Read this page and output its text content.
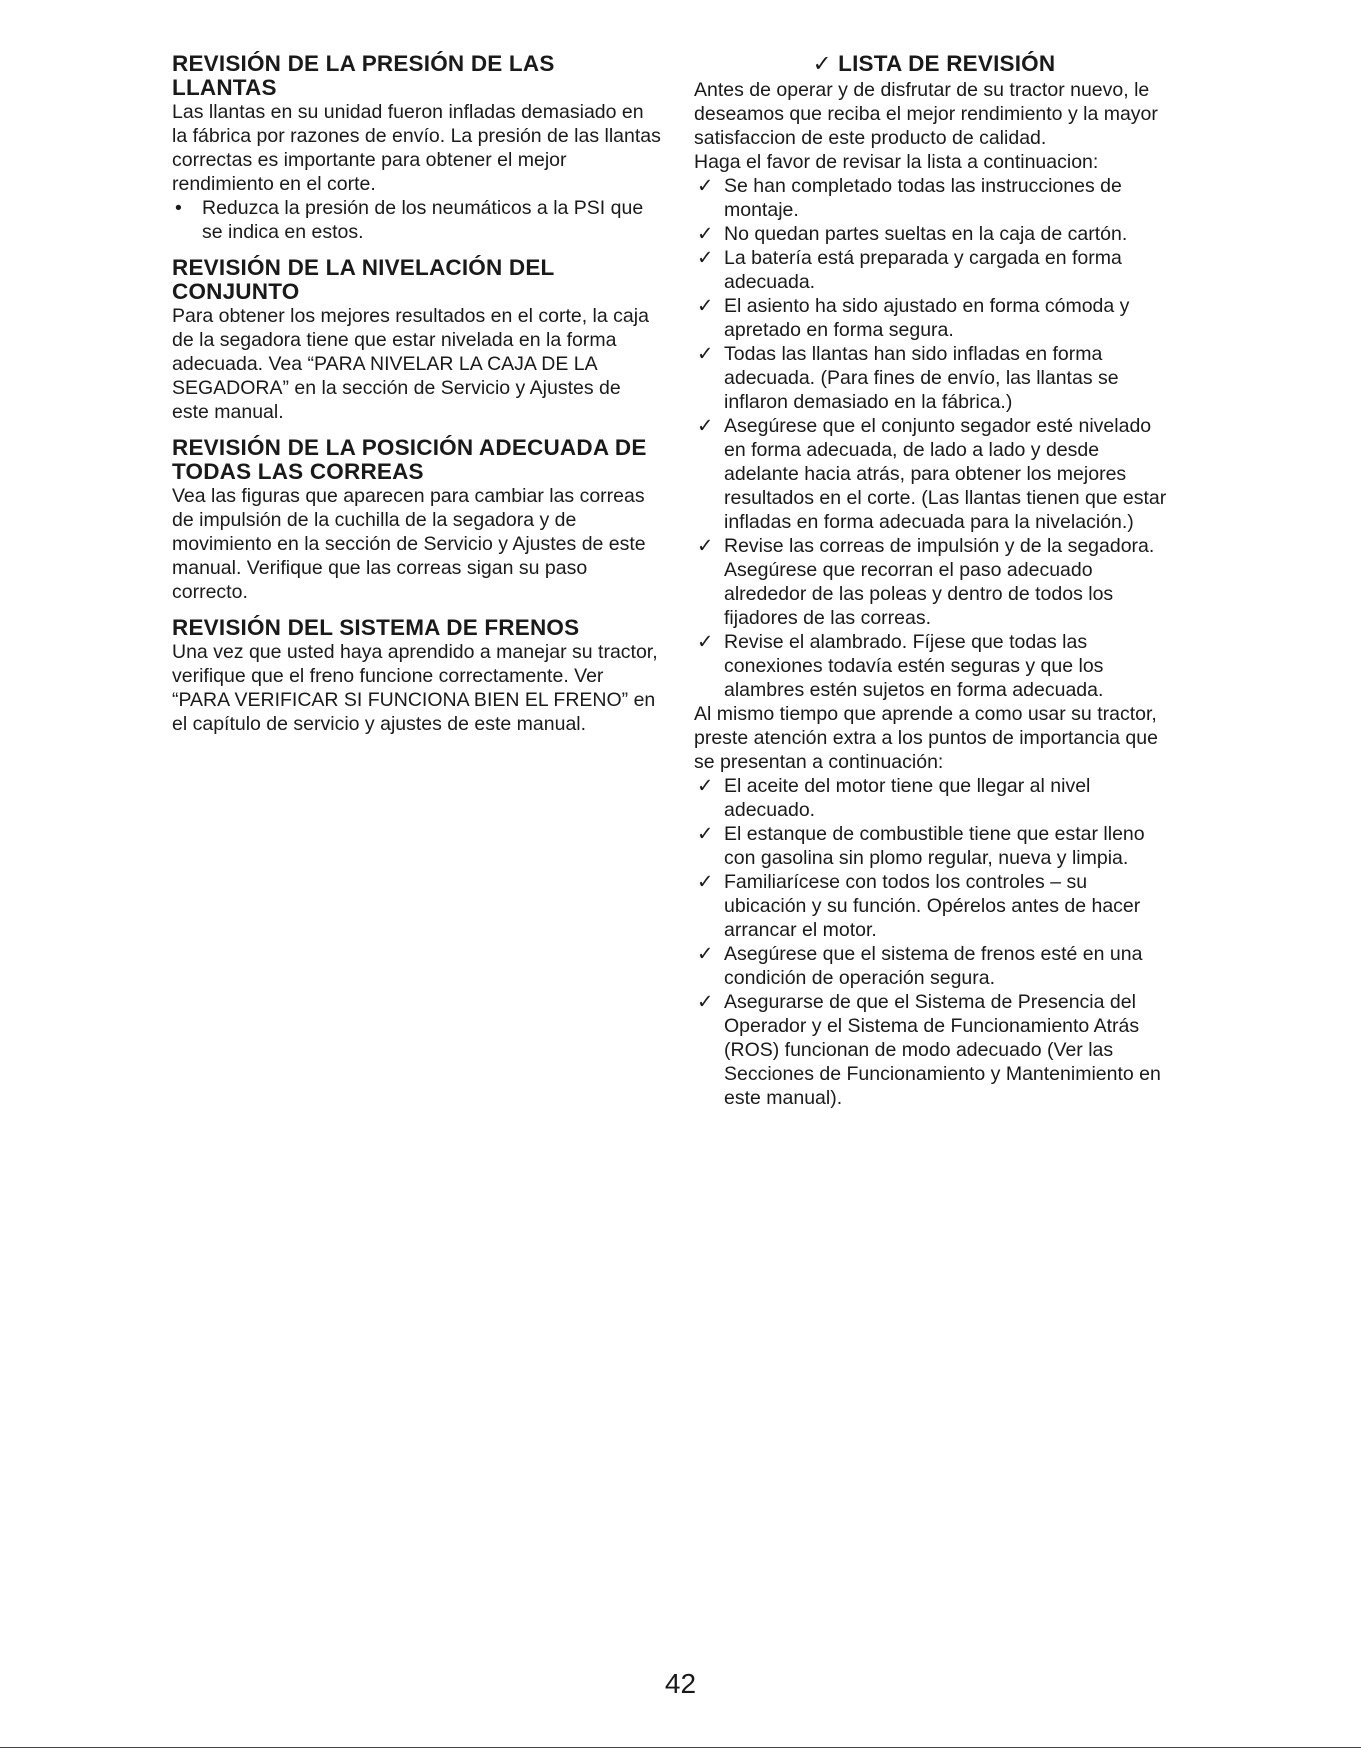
REVISIÓN DE LA PRESIÓN DE LAS LLANTAS

Las llantas en su unidad fueron infladas demasiado en la fábrica por razones de envío. La presión de las llantas correctas es importante para obtener el mejor rendimiento en el corte.

• Reduzca la presión de los neumáticos a la PSI que se indica en estos.
REVISIÓN DE LA NIVELACIÓN DEL CONJUNTO

Para obtener los mejores resultados en el corte, la caja de la segadora tiene que estar nivelada en la forma adecuada. Vea “PARA NIVELAR LA CAJA DE LA SEGADORA” en la sección de Servicio y Ajustes de este manual.

REVISIÓN DE LA POSICIÓN ADECUADA DE TODAS LAS CORREAS

Vea las figuras que aparecen para cambiar las correas de impulsión de la cuchilla de la segadora y de movimiento en la sección de Servicio y Ajustes de este manual. Verifique que las correas sigan su paso correcto.

REVISIÓN DEL SISTEMA DE FRENOS

Una vez que usted haya aprendido a manejar su tractor, verifique que el freno funcione correctamente. Ver “PARA VERIFICAR SI FUNCIONA BIEN EL FRENO” en el capítulo de servicio y ajustes de este manual.

✓ LISTA DE REVISIÓN

Antes de operar y de disfrutar de su tractor nuevo, le deseamos que reciba el mejor rendimiento y la mayor satisfaccion de este producto de calidad.

Haga el favor de revisar la lista a continuacion:

✓ Se han completado todas las instrucciones de montaje.
✓ No quedan partes sueltas en la caja de cartón.
✓ La batería está preparada y cargada en forma adecuada.
✓ El asiento ha sido ajustado en forma cómoda y apretado en forma segura.
✓ Todas las llantas han sido infladas en forma adecuada. (Para fines de envío, las llantas se inflaron demasiado en la fábrica.)
✓ Asegúrese que el conjunto segador esté nivelado en forma adecuada, de lado a lado y desde adelante hacia atrás, para obtener los mejores resultados en el corte. (Las llantas tienen que estar infladas en forma adecuada para la nivelación.)
✓ Revise las correas de impulsión y de la segadora. Asegúrese que recorran el paso adecuado alrededor de las poleas y dentro de todos los fijadores de las correas.
✓ Revise el alambrado. Fíjese que todas las conexiones todavía estén seguras y que los alambres estén sujetos en forma adecuada.

Al mismo tiempo que aprende a como usar su tractor, preste atención extra a los puntos de importancia que se presentan a continuación:

✓ El aceite del motor tiene que llegar al nivel adecuado.
✓ El estanque de combustible tiene que estar lleno con gasolina sin plomo regular, nueva y limpia.
✓ Familiarícese con todos los controles – su ubicación y su función. Opérelos antes de hacer arrancar el motor.
✓ Asegúrese que el sistema de frenos esté en una condición de operación segura.
✓ Asegurarse de que el Sistema de Presencia del Operador y el Sistema de Funcionamiento Atrás (ROS) funcionan de modo adecuado (Ver las Secciones de Funcionamiento y Mantenimiento en este manual).
42
